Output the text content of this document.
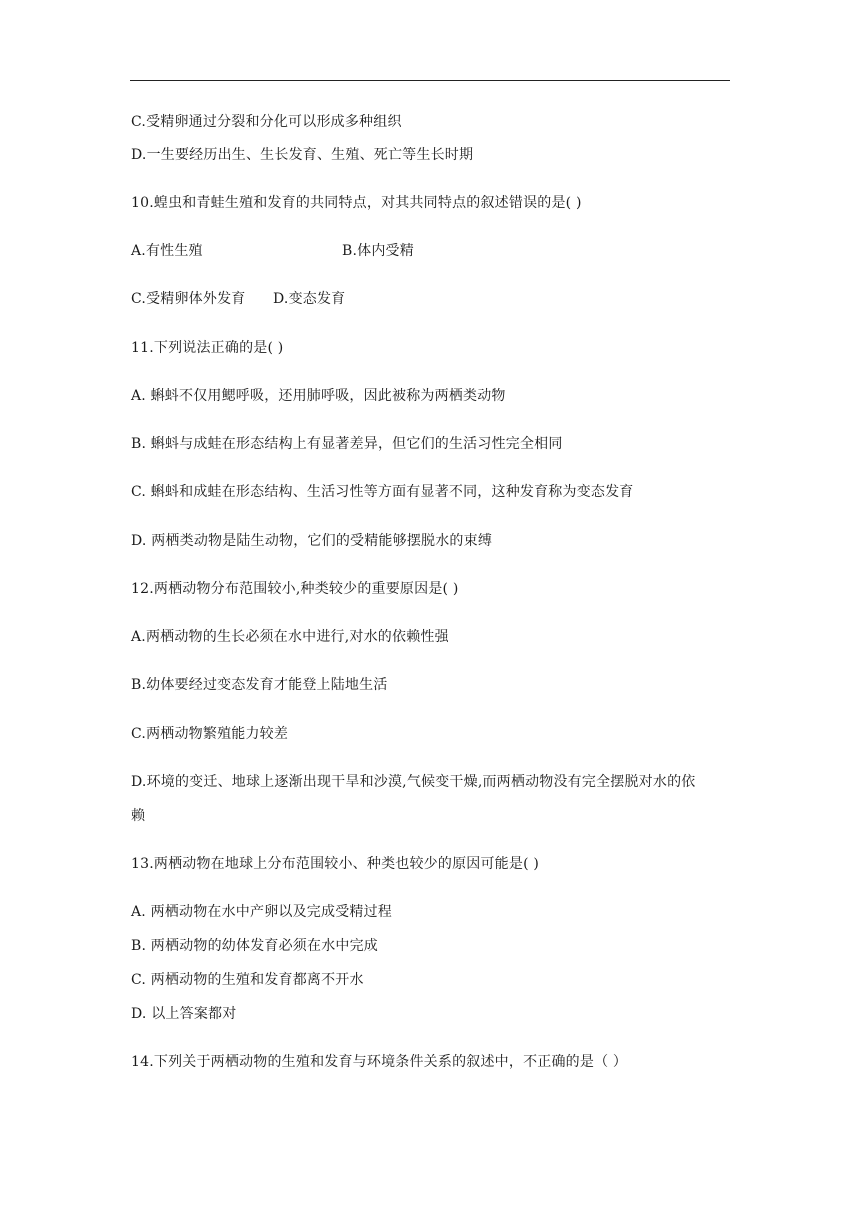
C.受精卵通过分裂和分化可以形成多种组织
D.一生要经历出生、生长发育、生殖、死亡等生长时期
10.蝗虫和青蛙生殖和发育的共同特点，对其共同特点的叙述错误的是( )
A.有性生殖	B.体内受精
C.受精卵体外发育 D.变态发育
11.下列说法正确的是( )
A. 蝌蚪不仅用鳃呼吸，还用肺呼吸，因此被称为两栖类动物
B. 蝌蚪与成蛙在形态结构上有显著差异，但它们的生活习性完全相同
C. 蝌蚪和成蛙在形态结构、生活习性等方面有显著不同，这种发育称为变态发育
D. 两栖类动物是陆生动物，它们的受精能够摆脱水的束缚
12.两栖动物分布范围较小,种类较少的重要原因是( )
A.两栖动物的生长必须在水中进行,对水的依赖性强
B.幼体要经过变态发育才能登上陆地生活
C.两栖动物繁殖能力较差
D.环境的变迁、地球上逐渐出现干旱和沙漠,气候变干燥,而两栖动物没有完全摆脱对水的依
赖
13.两栖动物在地球上分布范围较小、种类也较少的原因可能是( )
A. 两栖动物在水中产卵以及完成受精过程
B. 两栖动物的幼体发育必须在水中完成
C. 两栖动物的生殖和发育都离不开水
D. 以上答案都对
14.下列关于两栖动物的生殖和发育与环境条件关系的叙述中，不正确的是（ ）
